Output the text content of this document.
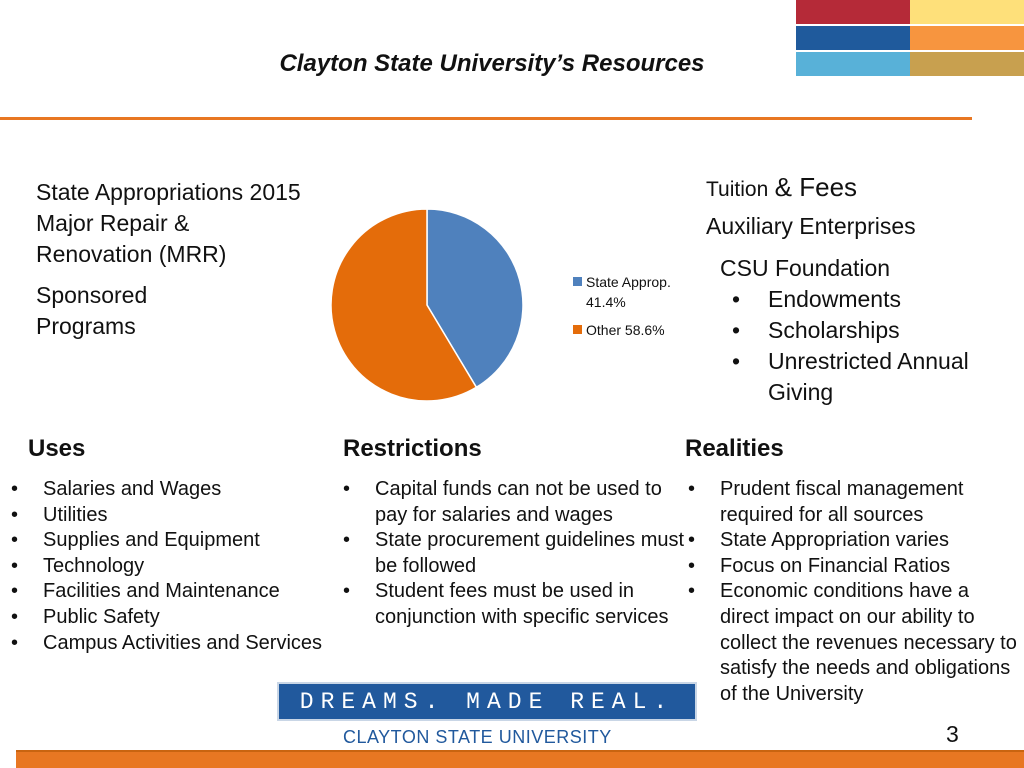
Clayton State University’s Resources
State Appropriations 2015
Major Repair &
Renovation (MRR)
Sponsored
Programs
State Approp.
41.4%
Other 58.6%
Tuition & Fees
Auxiliary Enterprises
CSU Foundation
•	Endowments
•	Scholarships
•	Unrestricted Annual
Giving
Uses	Restrictions	Realities
• Salaries and Wages
• Utilities
• Supplies and Equipment
• Technology
• Facilities and Maintenance
• Public Safety
• Campus Activities and Services
• Capital funds can not be used to pay for salaries and wages
• State procurement guidelines must be followed
• Student fees must be used in conjunction with specific services
• Prudent fiscal management required for all sources
• State Appropriation varies
• Focus on Financial Ratios
• Economic conditions have a direct impact on our ability to collect the revenues necessary to satisfy the needs and obligations of the University
DREAMS. MADE REAL.
CLAYTON STATE UNIVERSITY	3
